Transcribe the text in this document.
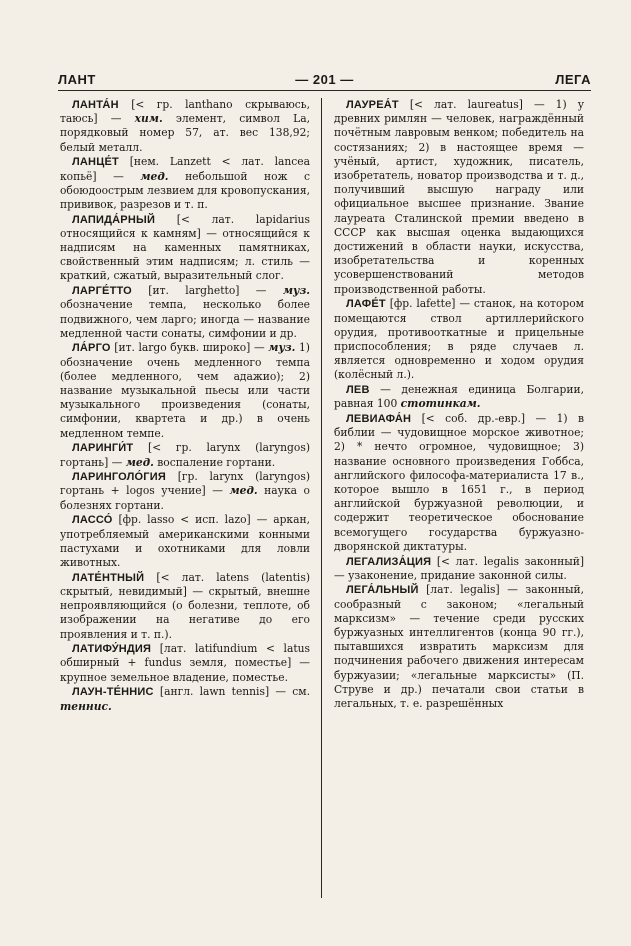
ЛАНТ	— 201 —	ЛЕГА

ЛАНТА́Н [< гр. lanthano скрываюсь, таюсь] — хим. элемент, символ La, порядковый номер 57, ат. вес 138,92; белый металл.

ЛАНЦЕ́Т [нем. Lanzett < лат. lancea копьё] — мед. небольшой нож с обоюдоострым лезвием для кровопускания, прививок, разрезов и т. п.

ЛАПИДА́РНЫЙ [< лат. lapidarius относящийся к камням] — относящийся к надписям на каменных памятниках, свойственный этим надписям; л. стиль — краткий, сжатый, выразительный слог.

ЛАРГЕ́ТТО [ит. larghetto] — муз. обозначение темпа, несколько более подвижного, чем ларго; иногда — название медленной части сонаты, симфонии и др.

ЛА́РГО [ит. largo букв. широко] — муз. 1) обозначение очень медленного темпа (более медленного, чем адажио); 2) название музыкальной пьесы или части музыкального произведения (сонаты, симфонии, квартета и др.) в очень медленном темпе.

ЛАРИНГИ́Т [< гр. larynx (laryngos) гортань] — мед. воспаление гортани.

ЛАРИНГОЛО́ГИЯ [гр. larynx (laryngos) гортань + logos учение] — мед. наука о болезнях гортани.

ЛАССО́ [фр. lasso < исп. lazo] — аркан, употребляемый американскими конными пастухами и охотниками для ловли животных.

ЛАТЕ́НТНЫЙ [< лат. latens (latentis) скрытый, невидимый] — скрытый, внешне непроявляющийся (о болезни, теплоте, об изображении на негативе до его проявления и т. п.).

ЛАТИФУ́НДИЯ [лат. latifundium < latus обширный + fundus земля, поместье] — крупное земельное владение, поместье.

ЛАУН-ТЕ́ННИС [англ. lawn tennis] — см. теннис.

ЛАУРЕА́Т [< лат. laureatus] — 1) у древних римлян — человек, награждённый почётным лавровым венком; победитель на состязаниях; 2) в настоящее время — учёный, артист, художник, писатель, изобретатель, новатор производства и т. д., получивший высшую награду или официальное высшее признание. Звание лауреата Сталинской премии введено в СССР как высшая оценка выдающихся достижений в области науки, искусства, изобретательства и коренных усовершенствований методов производственной работы.

ЛАФЕ́Т [фр. lafette] — станок, на котором помещаются ствол артиллерийского орудия, противооткатные и прицельные приспособления; в ряде случаев л. является одновременно и ходом орудия (колёсный л.).

ЛЕВ — денежная единица Болгарии, равная 100 стотинкам.

ЛЕВИАФА́Н [< соб. др.-евр.] — 1) в библии — чудовищное морское животное; 2) * нечто огромное, чудовищное; 3) название основного произведения Гоббса, английского философа-материалиста 17 в., которое вышло в 1651 г., в период английской буржуазной революции, и содержит теоретическое обоснование всемогущего государства буржуазно-дворянской диктатуры.

ЛЕГАЛИЗА́ЦИЯ [< лат. legalis законный] — узаконение, придание законной силы.

ЛЕГА́ЛЬНЫЙ [лат. legalis] — законный, сообразный с законом; «легальный марксизм» — течение среди русских буржуазных интеллигентов (конца 90 гг.), пытавшихся извратить марксизм для подчинения рабочего движения интересам буржуазии; «легальные марксисты» (П. Струве и др.) печатали свои статьи в легальных, т. е. разрешённых
